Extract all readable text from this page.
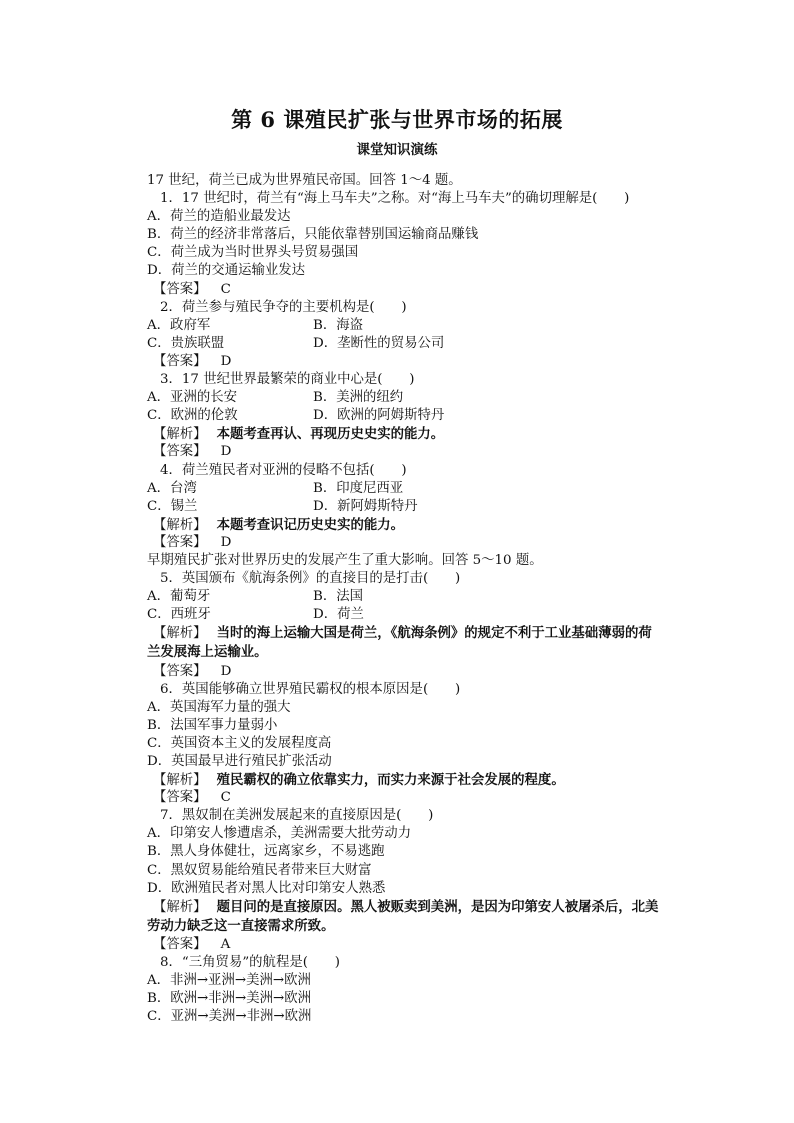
第 6 课殖民扩张与世界市场的拓展
课堂知识演练
17 世纪，荷兰已成为世界殖民帝国。回答 1～4 题。
1．17 世纪时，荷兰有“海上马车夫”之称。对“海上马车夫”的确切理解是(　　)
A．荷兰的造船业最发达
B．荷兰的经济非常落后，只能依靠替别国运输商品赚钱
C．荷兰成为当时世界头号贸易强国
D．荷兰的交通运输业发达
【答案】 C
2．荷兰参与殖民争夺的主要机构是(　　)
A．政府军	B．海盗
C．贵族联盟	D．垄断性的贸易公司
【答案】 D
3．17 世纪世界最繁荣的商业中心是(　　)
A．亚洲的长安	B．美洲的纽约
C．欧洲的伦敦	D．欧洲的阿姆斯特丹
【解析】 本题考查再认、再现历史史实的能力。
【答案】 D
4．荷兰殖民者对亚洲的侵略不包括(　　)
A．台湾	B．印度尼西亚
C．锡兰	D．新阿姆斯特丹
【解析】 本题考查识记历史史实的能力。
【答案】 D
早期殖民扩张对世界历史的发展产生了重大影响。回答 5～10 题。
5．英国颁布《航海条例》的直接目的是打击(　　)
A．葡萄牙	B．法国
C．西班牙	D．荷兰
【解析】 当时的海上运输大国是荷兰，《航海条例》的规定不利于工业基础薄弱的荷兰发展海上运输业。
【答案】 D
6．英国能够确立世界殖民霸权的根本原因是(　　)
A．英国海军力量的强大
B．法国军事力量弱小
C．英国资本主义的发展程度高
D．英国最早进行殖民扩张活动
【解析】 殖民霸权的确立依靠实力，而实力来源于社会发展的程度。
【答案】 C
7．黑奴制在美洲发展起来的直接原因是(　　)
A．印第安人惨遭虐杀，美洲需要大批劳动力
B．黑人身体健壮，远离家乡，不易逃跑
C．黑奴贸易能给殖民者带来巨大财富
D．欧洲殖民者对黑人比对印第安人熟悉
【解析】 题目问的是直接原因。黑人被贩卖到美洲，是因为印第安人被屠杀后，北美劳动力缺乏这一直接需求所致。
【答案】 A
8．“三角贸易”的航程是(　　)
A．非洲→亚洲→美洲→欧洲
B．欧洲→非洲→美洲→欧洲
C．亚洲→美洲→非洲→欧洲
